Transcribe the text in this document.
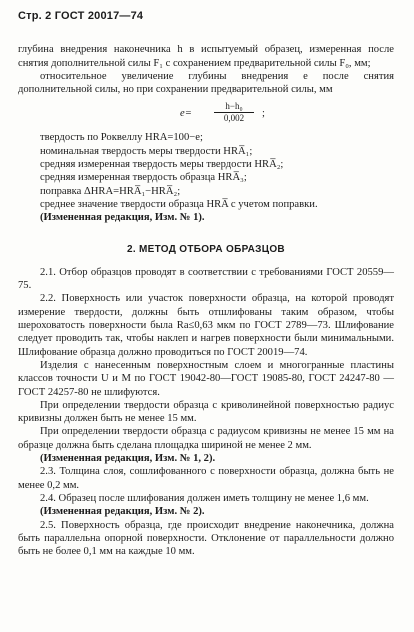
Стр. 2 ГОСТ 20017—74

глубина внедрения наконечника h в испытуемый образец, измеренная после снятия дополнительной силы F₁ с сохранением предварительной силы F₀, мм;

относительное увеличение глубины внедрения e после снятия дополнительной силы, но при сохранении предварительной силы, мм

$e= \frac{\text{h−h₀}}{0,002}$ ;

твердость по Роквеллу HRA=100−e;

номинальная твердость меры твердости HRA̅₁;

средняя измеренная твердость меры твердости HRA̅₂;

средняя измеренная твердость образца HRA̅₃;

поправка ΔHRA=HRA̅₁−HRA̅₂;

среднее значение твердости образца HRA̅ с учетом поправки.

(Измененная редакция, Изм. № 1).

2. МЕТОД ОТБОРА ОБРАЗЦОВ

2.1. Отбор образцов проводят в соответствии с требованиями ГОСТ 20559—75.

2.2. Поверхность или участок поверхности образца, на которой проводят измерение твердости, должны быть отшлифованы таким образом, чтобы шероховатость поверхности была Ra≤0,63 мкм по ГОСТ 2789—73. Шлифование следует проводить так, чтобы наклеп и нагрев поверхности были минимальными. Шлифование образца должно проводиться по ГОСТ 20019—74.

Изделия с нанесенным поверхностным слоем и многогранные пластины классов точности U и M по ГОСТ 19042-80—ГОСТ 19085-80, ГОСТ 24247-80 — ГОСТ 24257-80 не шлифуются.

При определении твердости образца с криволинейной поверхностью радиус кривизны должен быть не менее 15 мм.

При определении твердости образца с радиусом кривизны не менее 15 мм на образце должна быть сделана площадка шириной не менее 2 мм.

(Измененная редакция, Изм. № 1, 2).

2.3. Толщина слоя, сошлифованного с поверхности образца, должна быть не менее 0,2 мм.

2.4. Образец после шлифования должен иметь толщину не менее 1,6 мм.

(Измененная редакция, Изм. № 2).

2.5. Поверхность образца, где происходит внедрение наконечника, должна быть параллельна опорной поверхности. Отклонение от параллельности должно быть не более 0,1 мм на каждые 10 мм.
